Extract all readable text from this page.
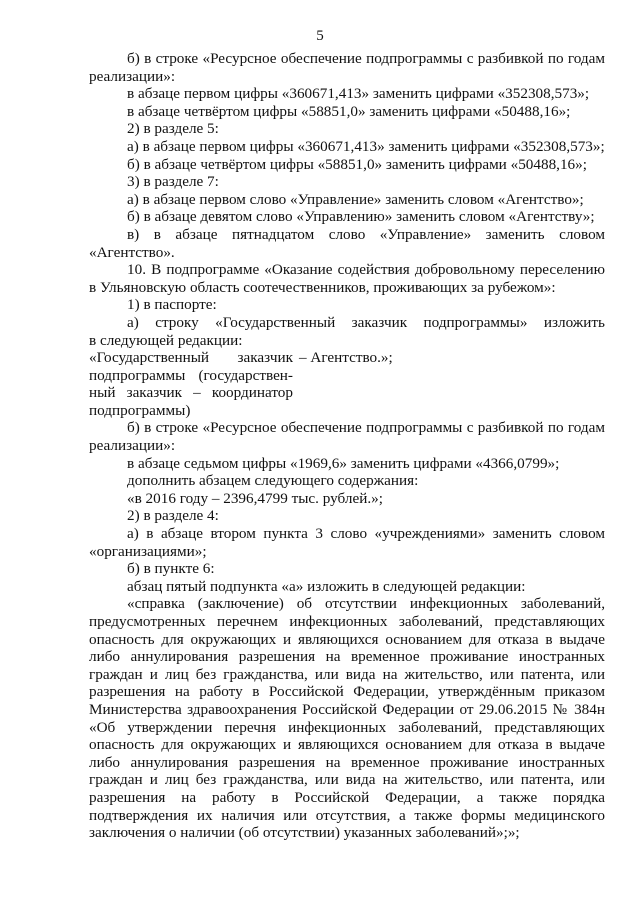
5

б) в строке «Ресурсное обеспечение подпрограммы с разбивкой по годам

реализации»:

в абзаце первом цифры «360671,413» заменить цифрами «352308,573»;

в абзаце четвёртом цифры «58851,0» заменить цифрами «50488,16»;

2) в разделе 5:

а) в абзаце первом цифры «360671,413» заменить цифрами «352308,573»;

б) в абзаце четвёртом цифры «58851,0» заменить цифрами «50488,16»;

3) в разделе 7:

а) в абзаце первом слово «Управление» заменить словом «Агентство»;

б) в абзаце девятом слово «Управлению» заменить словом «Агентству»;

в) в абзаце пятнадцатом слово «Управление» заменить словом

«Агентство».

10. В подпрограмме «Оказание содействия добровольному переселению

в Ульяновскую область соотечественников, проживающих за рубежом»:

1) в паспорте:

а) строку «Государственный заказчик подпрограммы» изложить

в следующей редакции:

«Государственный заказчик
подпрограммы (государствен-
ный заказчик – координатор
подпрограммы)
– Агентство.»;

б) в строке «Ресурсное обеспечение подпрограммы с разбивкой по годам

реализации»:

в абзаце седьмом цифры «1969,6» заменить цифрами «4366,0799»;

дополнить абзацем следующего содержания:

«в 2016 году – 2396,4799 тыс. рублей.»;

2) в разделе 4:

а) в абзаце втором пункта 3 слово «учреждениями» заменить словом

«организациями»;

б) в пункте 6:

абзац пятый подпункта «а» изложить в следующей редакции:

«справка (заключение) об отсутствии инфекционных заболеваний,

предусмотренных перечнем инфекционных заболеваний, представляющих

опасность для окружающих и являющихся основанием для отказа в выдаче

либо аннулирования разрешения на временное проживание иностранных

граждан и лиц без гражданства, или вида на жительство, или патента, или

разрешения на работу в Российской Федерации, утверждённым приказом

Министерства здравоохранения Российской Федерации от 29.06.2015 № 384н

«Об утверждении перечня инфекционных заболеваний, представляющих

опасность для окружающих и являющихся основанием для отказа в выдаче

либо аннулирования разрешения на временное проживание иностранных

граждан и лиц без гражданства, или вида на жительство, или патента, или

разрешения на работу в Российской Федерации, а также порядка

подтверждения их наличия или отсутствия, а также формы медицинского

заключения о наличии (об отсутствии) указанных заболеваний»;»;
